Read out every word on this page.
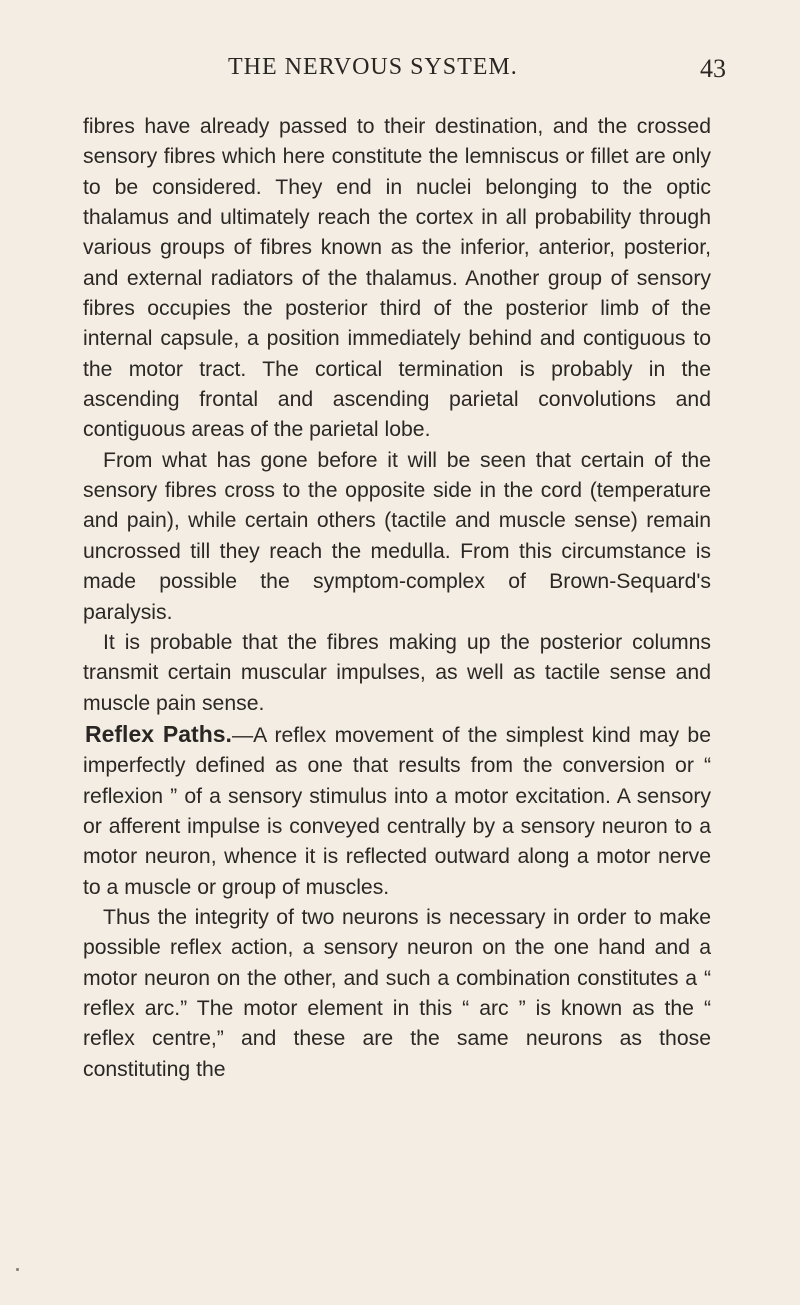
THE NERVOUS SYSTEM.	43

fibres have already passed to their destination, and the crossed sensory fibres which here constitute the lemniscus or fillet are only to be considered. They end in nuclei belonging to the optic thalamus and ultimately reach the cortex in all probability through various groups of fibres known as the inferior, anterior, posterior, and external radiators of the thalamus. Another group of sensory fibres occupies the posterior third of the posterior limb of the internal capsule, a position immediately behind and contiguous to the motor tract. The cortical termination is probably in the ascending frontal and ascending parietal convolutions and contiguous areas of the parietal lobe.

From what has gone before it will be seen that certain of the sensory fibres cross to the opposite side in the cord (temperature and pain), while certain others (tactile and muscle sense) remain uncrossed till they reach the medulla. From this circumstance is made possible the symptom-complex of Brown-Sequard's paralysis.

It is probable that the fibres making up the posterior columns transmit certain muscular impulses, as well as tactile sense and muscle pain sense.

Reflex Paths.—A reflex movement of the simplest kind may be imperfectly defined as one that results from the conversion or “ reflexion ” of a sensory stimulus into a motor excitation. A sensory or afferent impulse is conveyed centrally by a sensory neuron to a motor neuron, whence it is reflected outward along a motor nerve to a muscle or group of muscles.

Thus the integrity of two neurons is necessary in order to make possible reflex action, a sensory neuron on the one hand and a motor neuron on the other, and such a combination constitutes a “ reflex arc.” The motor element in this “ arc ” is known as the “ reflex centre,” and these are the same neurons as those constituting the
